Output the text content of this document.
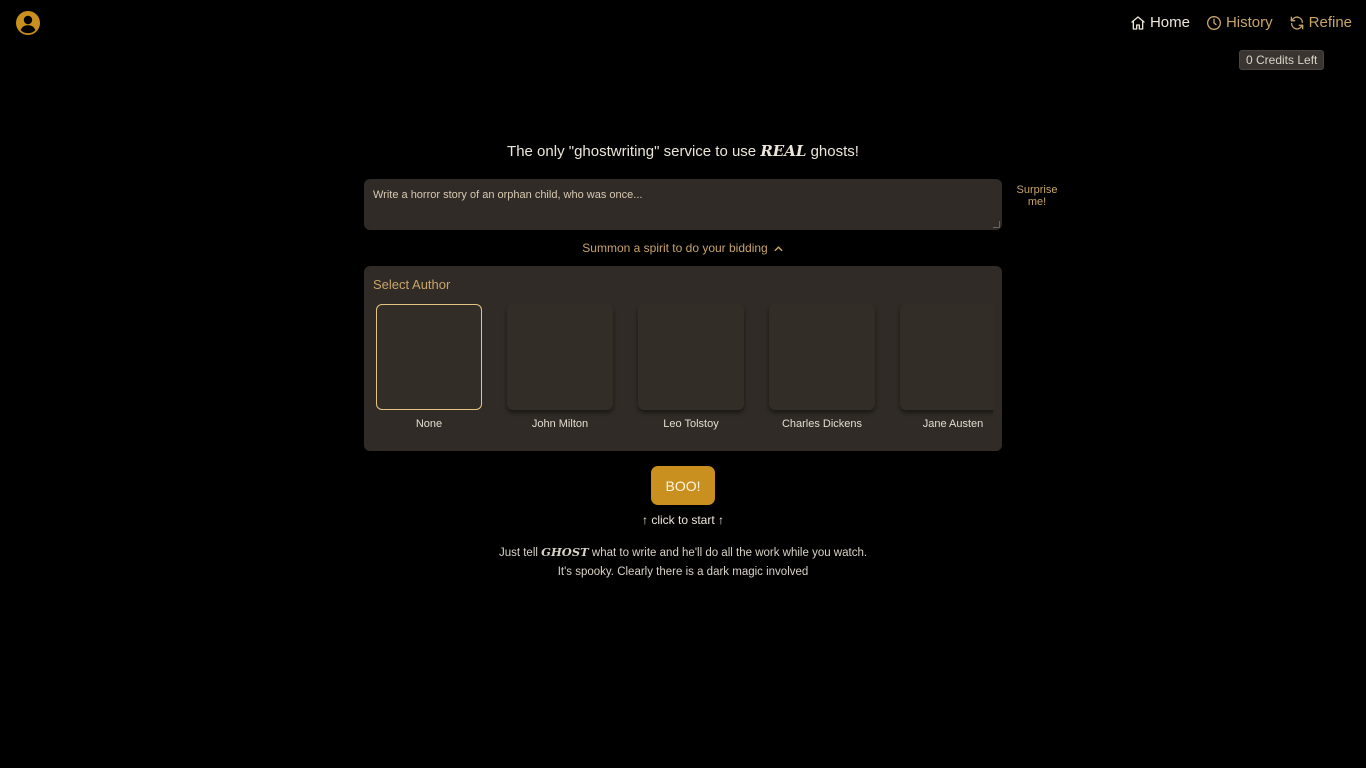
Home History Refine
0 Credits Left
The only "ghostwriting" service to use REAL ghosts!
Write a horror story of an orphan child, who was once...	Surprise me!
Summon a spirit to do your bidding
Select Author
None	John Milton	Leo Tolstoy	Charles Dickens	Jane Austen
BOO!
↑ click to start ↑
Just tell GHOST what to write and he'll do all the work while you watch.
It's spooky. Clearly there is a dark magic involved
